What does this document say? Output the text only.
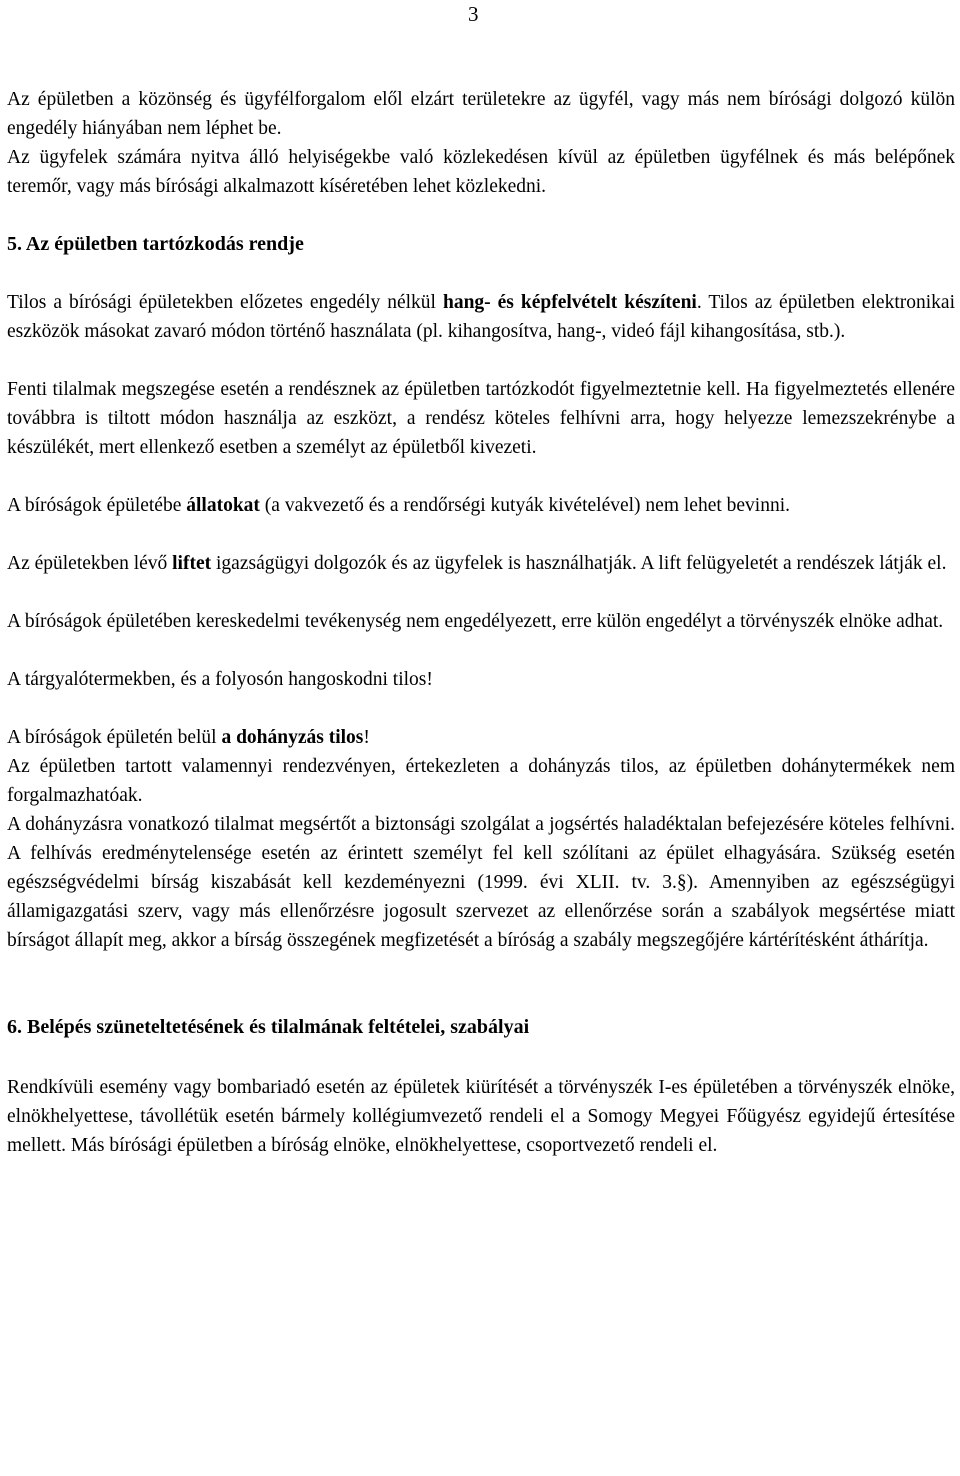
3

Az épületben a közönség és ügyfélforgalom elől elzárt területekre az ügyfél, vagy más nem bírósági dolgozó külön engedély hiányában nem léphet be.

Az ügyfelek számára nyitva álló helyiségekbe való közlekedésen kívül az épületben ügyfélnek és más belépőnek teremőr, vagy más bírósági alkalmazott kíséretében lehet közlekedni.

5. Az épületben tartózkodás rendje

Tilos a bírósági épületekben előzetes engedély nélkül hang- és képfelvételt készíteni. Tilos az épületben elektronikai eszközök másokat zavaró módon történő használata (pl. kihangosítva, hang-, videó fájl kihangosítása, stb.).

Fenti tilalmak megszegése esetén a rendésznek az épületben tartózkodót figyelmeztetnie kell. Ha figyelmeztetés ellenére továbbra is tiltott módon használja az eszközt, a rendész köteles felhívni arra, hogy helyezze lemezszekrénybe a készülékét, mert ellenkező esetben a személyt az épületből kivezeti.

A bíróságok épületébe állatokat (a vakvezető és a rendőrségi kutyák kivételével) nem lehet bevinni.

Az épületekben lévő liftet igazságügyi dolgozók és az ügyfelek is használhatják. A lift felügyeletét a rendészek látják el.

A bíróságok épületében kereskedelmi tevékenység nem engedélyezett, erre külön engedélyt a törvényszék elnöke adhat.

A tárgyalótermekben, és a folyosón hangoskodni tilos!

A bíróságok épületén belül a dohányzás tilos!

Az épületben tartott valamennyi rendezvényen, értekezleten a dohányzás tilos, az épületben dohánytermékek nem forgalmazhatóak.

A dohányzásra vonatkozó tilalmat megsértőt a biztonsági szolgálat a jogsértés haladéktalan befejezésére köteles felhívni. A felhívás eredménytelensége esetén az érintett személyt fel kell szólítani az épület elhagyására. Szükség esetén egészségvédelmi bírság kiszabását kell kezdeményezni (1999. évi XLII. tv. 3.§). Amennyiben az egészségügyi államigazgatási szerv, vagy más ellenőrzésre jogosult szervezet az ellenőrzése során a szabályok megsértése miatt bírságot állapít meg, akkor a bírság összegének megfizetését a bíróság a szabály megszegőjére kártérítésként áthárítja.

6. Belépés szüneteltetésének és tilalmának feltételei, szabályai

Rendkívüli esemény vagy bombariadó esetén az épületek kiürítését a törvényszék I-es épületében a törvényszék elnöke, elnökhelyettese, távollétük esetén bármely kollégiumvezető rendeli el a Somogy Megyei Főügyész egyidejű értesítése mellett. Más bírósági épületben a bíróság elnöke, elnökhelyettese, csoportvezető rendeli el.
